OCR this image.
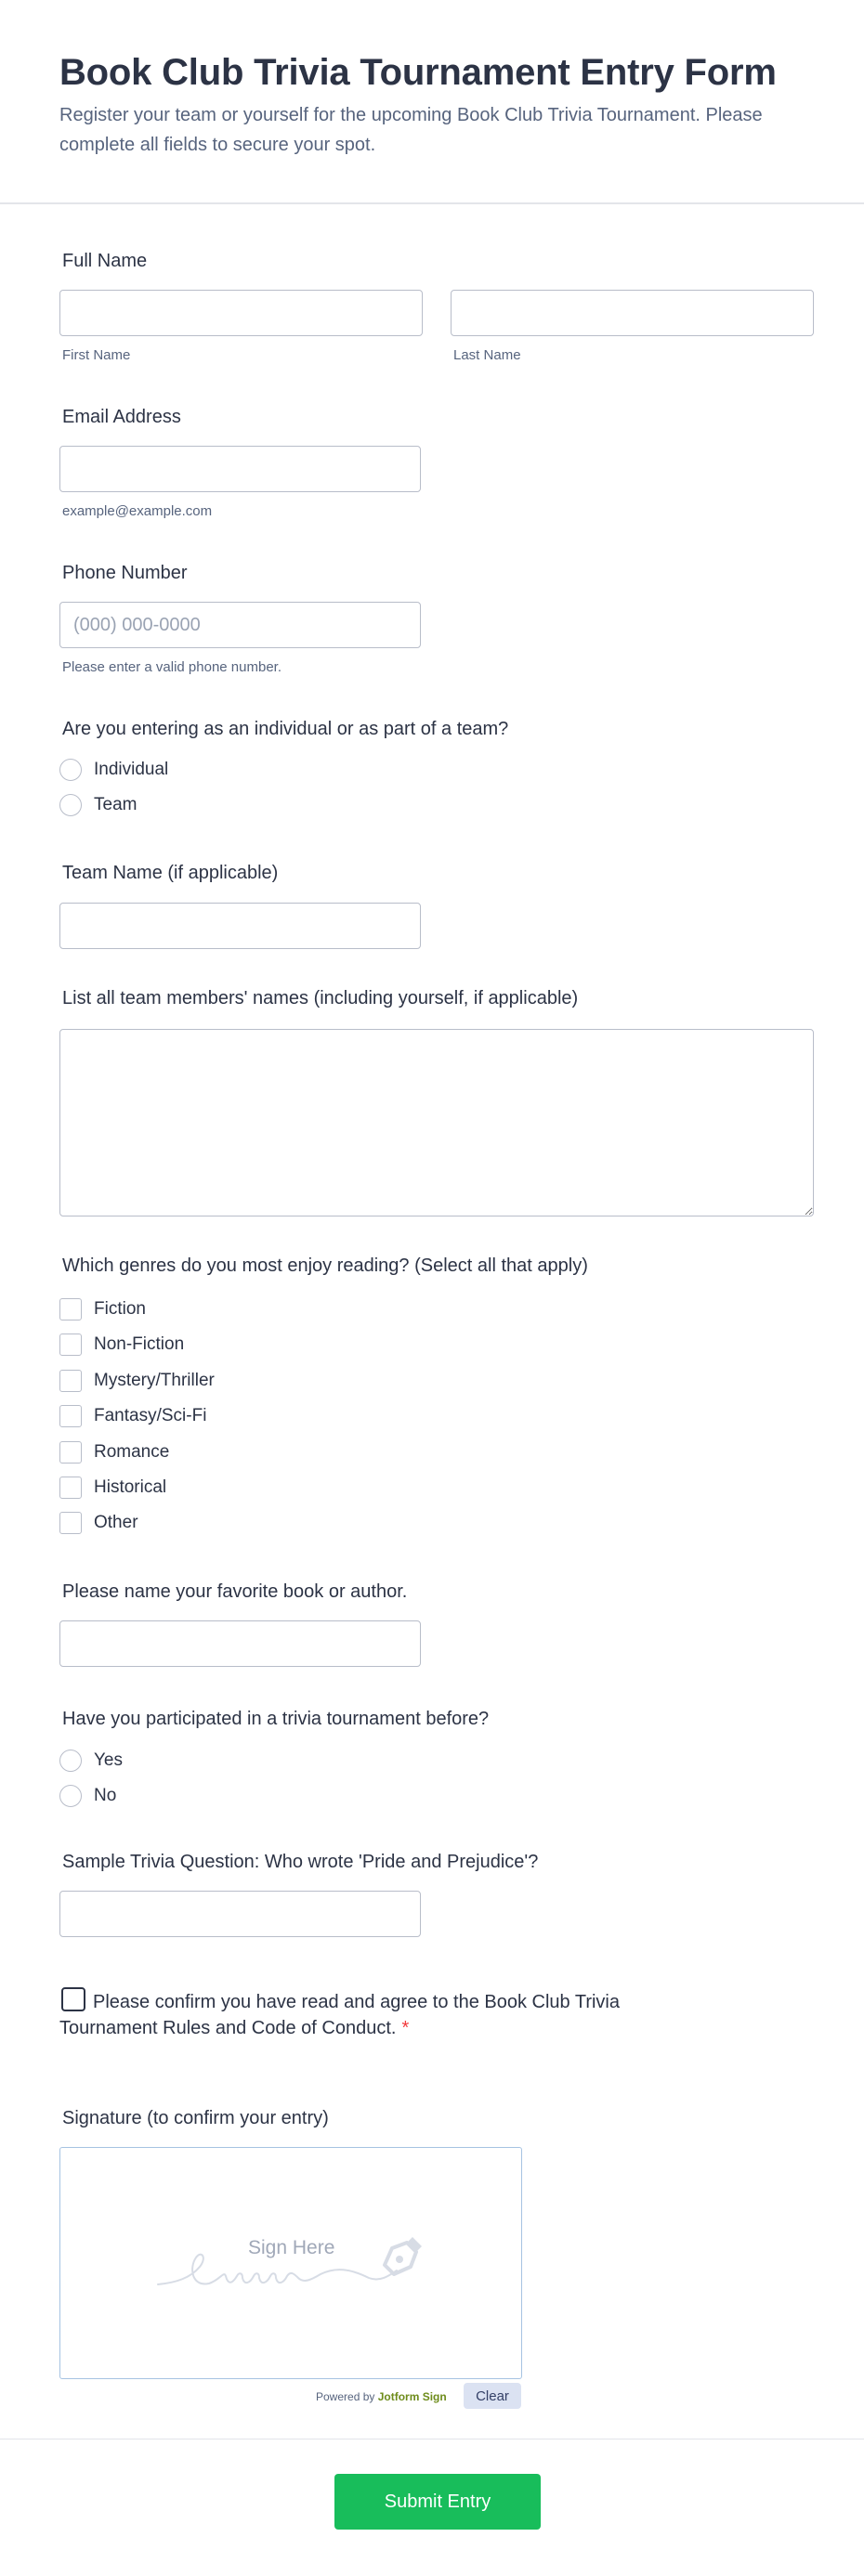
Book Club Trivia Tournament Entry Form
Register your team or yourself for the upcoming Book Club Trivia Tournament. Please complete all fields to secure your spot.
Full Name
First Name	Last Name
Email Address
example@example.com
Phone Number
(000) 000-0000
Please enter a valid phone number.
Are you entering as an individual or as part of a team?
Individual
Team
Team Name (if applicable)
List all team members' names (including yourself, if applicable)
Which genres do you most enjoy reading? (Select all that apply)
Fiction
Non-Fiction
Mystery/Thriller
Fantasy/Sci-Fi
Romance
Historical
Other
Please name your favorite book or author.
Have you participated in a trivia tournament before?
Yes
No
Sample Trivia Question: Who wrote 'Pride and Prejudice'?
Please confirm you have read and agree to the Book Club Trivia Tournament Rules and Code of Conduct. *
Signature (to confirm your entry)
Sign Here
Powered by Jotform Sign	Clear
Submit Entry
